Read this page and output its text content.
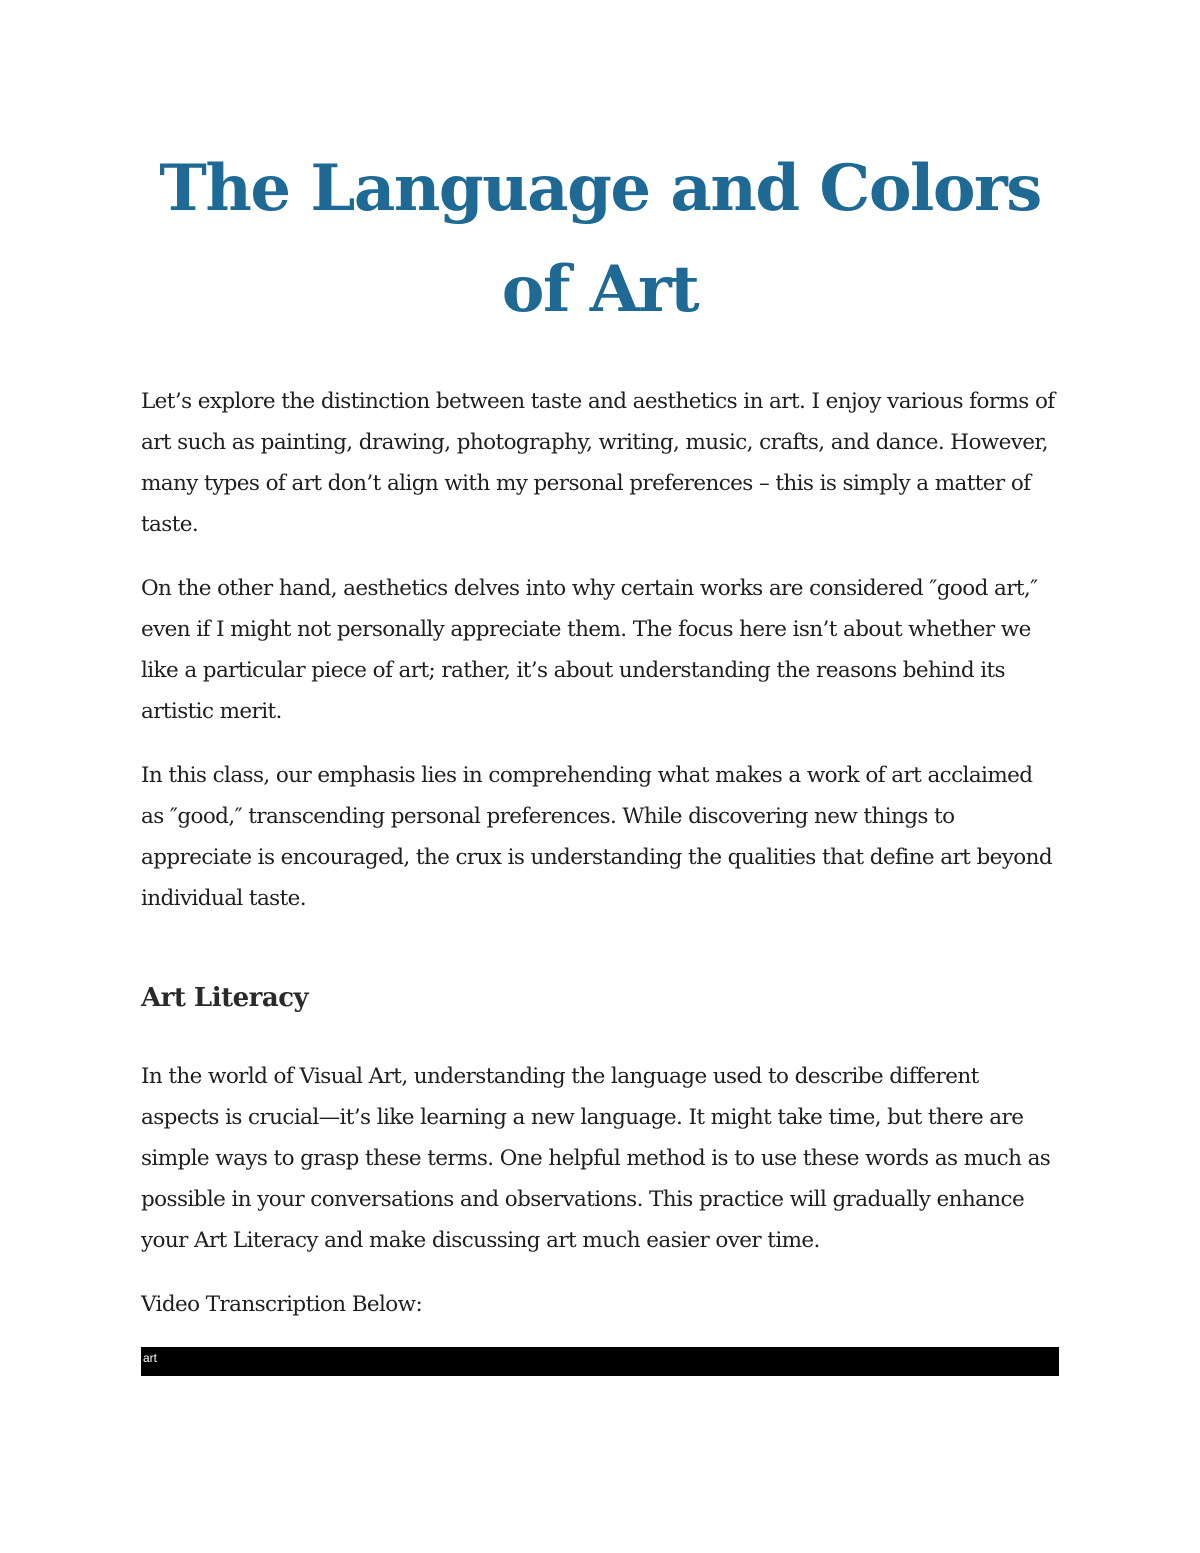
The Language and Colors of Art

Let’s explore the distinction between taste and aesthetics in art. I enjoy various forms of art such as painting, drawing, photography, writing, music, crafts, and dance. However, many types of art don’t align with my personal preferences – this is simply a matter of taste.

On the other hand, aesthetics delves into why certain works are considered ″good art,″ even if I might not personally appreciate them. The focus here isn’t about whether we like a particular piece of art; rather, it’s about understanding the reasons behind its artistic merit.

In this class, our emphasis lies in comprehending what makes a work of art acclaimed as ″good,″ transcending personal preferences. While discovering new things to appreciate is encouraged, the crux is understanding the qualities that define art beyond individual taste.

Art Literacy

In the world of Visual Art, understanding the language used to describe different aspects is crucial—it’s like learning a new language. It might take time, but there are simple ways to grasp these terms. One helpful method is to use these words as much as possible in your conversations and observations. This practice will gradually enhance your Art Literacy and make discussing art much easier over time.

Video Transcription Below:

art
